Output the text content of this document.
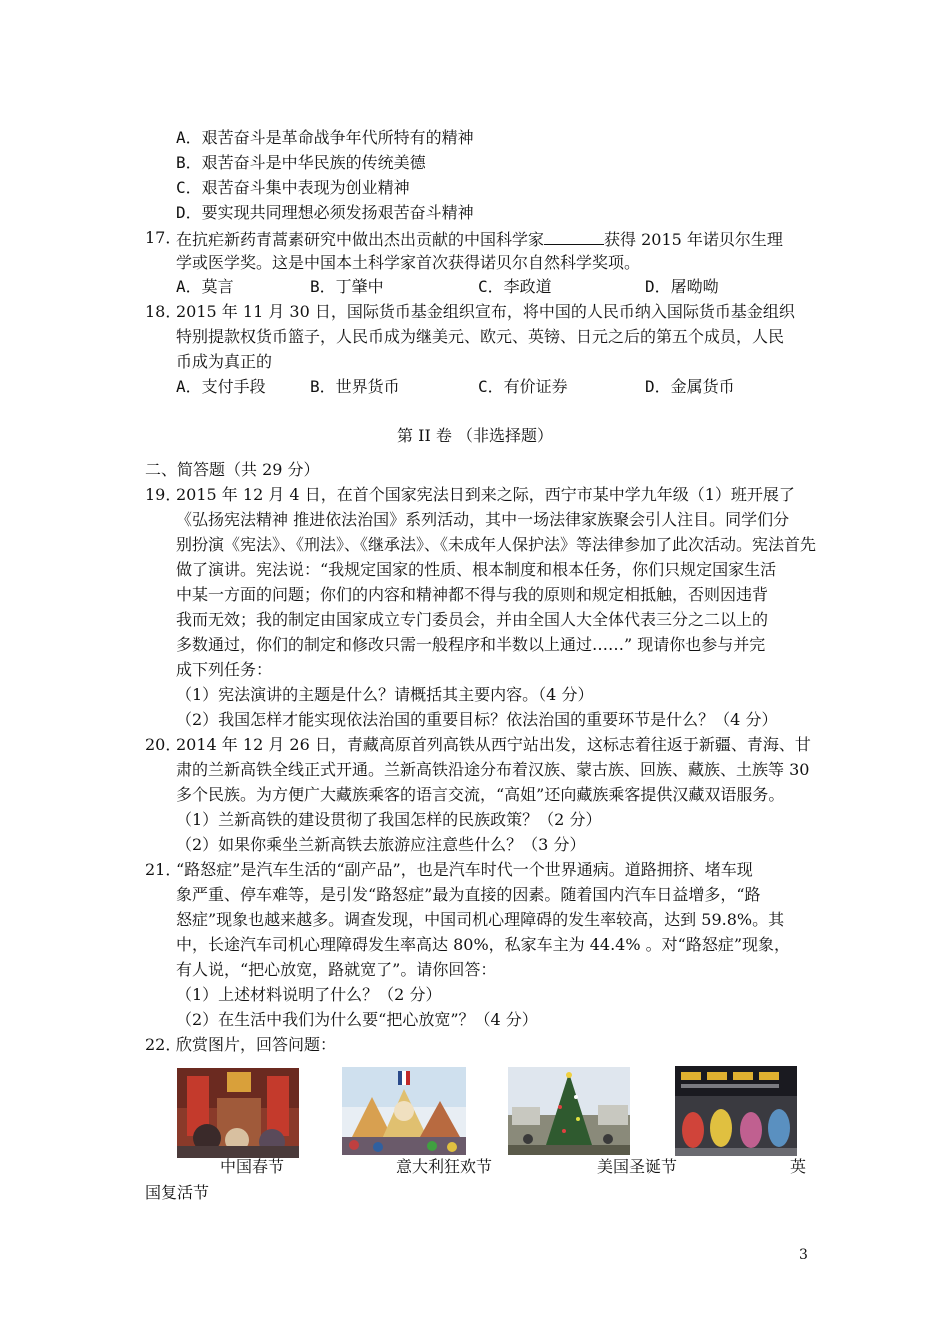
A．艰苦奋斗是革命战争年代所特有的精神
B．艰苦奋斗是中华民族的传统美德
C．艰苦奋斗集中表现为创业精神
D．要实现共同理想必须发扬艰苦奋斗精神
17．
在抗疟新药青蒿素研究中做出杰出贡献的中国科学家	获得 2015 年诺贝尔生理
学或医学奖。这是中国本土科学家首次获得诺贝尔自然科学奖项。
A．莫言	B．丁肇中	C．李政道	D．屠呦呦
18．
2015 年 11 月 30 日，国际货币基金组织宣布，将中国的人民币纳入国际货币基金组织
特别提款权货币篮子，人民币成为继美元、欧元、英镑、日元之后的第五个成员，人民
币成为真正的
A．支付手段	B．世界货币	C．有价证券	D．金属货币
第 II 卷 （非选择题）
二、简答题（共 29 分）
19．
2015 年 12 月 4 日，在首个国家宪法日到来之际，西宁市某中学九年级（1）班开展了
《弘扬宪法精神 推进依法治国》系列活动，其中一场法律家族聚会引人注目。同学们分
别扮演《宪法》、《刑法》、《继承法》、《未成年人保护法》等法律参加了此次活动。宪法首先
做了演讲。宪法说：“我规定国家的性质、根本制度和根本任务，你们只规定国家生活
中某一方面的问题；你们的内容和精神都不得与我的原则和规定相抵触，否则因违背
我而无效；我的制定由国家成立专门委员会，并由全国人大全体代表三分之二以上的
多数通过，你们的制定和修改只需一般程序和半数以上通过……” 现请你也参与并完
成下列任务：
（1）宪法演讲的主题是什么？请概括其主要内容。（4 分）
（2）我国怎样才能实现依法治国的重要目标？依法治国的重要环节是什么？（4 分）
20．
2014 年 12 月 26 日，青藏高原首列高铁从西宁站出发，这标志着往返于新疆、青海、甘
肃的兰新高铁全线正式开通。兰新高铁沿途分布着汉族、蒙古族、回族、藏族、土族等 30
多个民族。为方便广大藏族乘客的语言交流，“高姐”还向藏族乘客提供汉藏双语服务。
（1）兰新高铁的建设贯彻了我国怎样的民族政策？（2 分）
（2）如果你乘坐兰新高铁去旅游应注意些什么？（3 分）
21．
“路怒症”是汽车生活的“副产品”，也是汽车时代一个世界通病。道路拥挤、堵车现
象严重、停车难等，是引发“路怒症”最为直接的因素。随着国内汽车日益增多，“路
怒症”现象也越来越多。调查发现，中国司机心理障碍的发生率较高，达到 59.8%。其
中，长途汽车司机心理障碍发生率高达 80%，私家车主为 44.4% 。对“路怒症”现象，
有人说，“把心放宽，路就宽了”。请你回答：
（1）上述材料说明了什么？（2 分）
（2）在生活中我们为什么要“把心放宽”？（4 分）
22．
欣赏图片，回答问题：
中国春节	意大利狂欢节	美国圣诞节	英
国复活节
3
